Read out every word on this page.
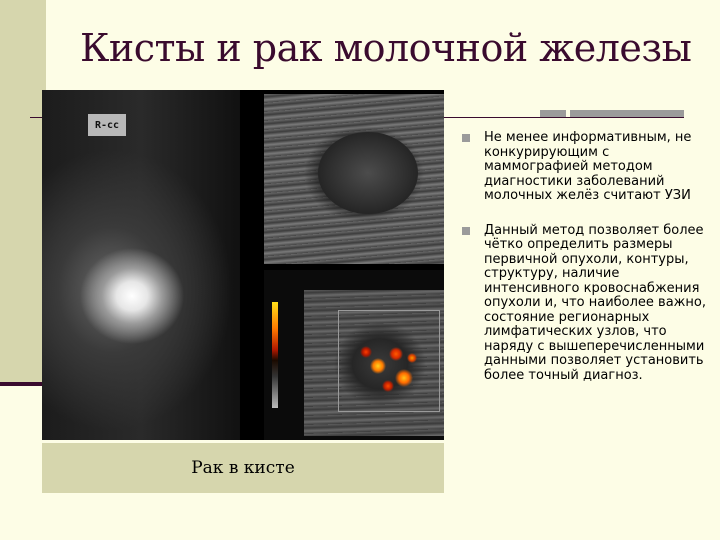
Кисты и рак молочной железы
R-cc
Рак в кисте
Не менее информативным, не конкурирующим с маммографией методом диагностики заболеваний молочных желёз считают УЗИ
Данный метод позволяет более чётко определить размеры первичной опухоли, контуры, структуру, наличие интенсивного кровоснабжения опухоли и, что наиболее важно, состояние регионарных лимфатических узлов, что наряду с вышеперечисленными данными позволяет установить более точный диагноз.
